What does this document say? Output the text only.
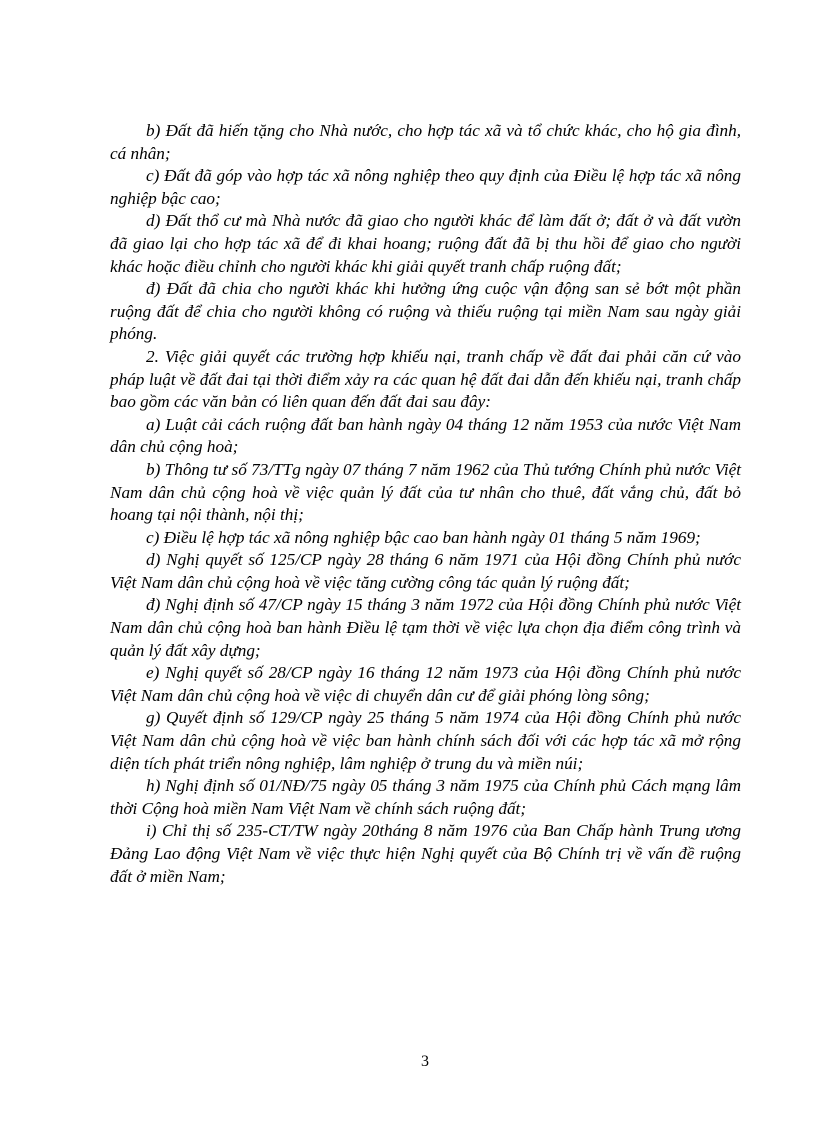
b) Đất đã hiến tặng cho Nhà nước, cho hợp tác xã và tổ chức khác, cho hộ gia đình, cá nhân;

c) Đất đã góp vào hợp tác xã nông nghiệp theo quy định của Điều lệ hợp tác xã nông nghiệp bậc cao;

d) Đất thổ cư mà Nhà nước đã giao cho người khác để làm đất ở; đất ở và đất vườn đã giao lại cho hợp tác xã để đi khai hoang; ruộng đất đã bị thu hồi để giao cho người khác hoặc điều chỉnh cho người khác khi giải quyết tranh chấp ruộng đất;

đ) Đất đã chia cho người khác khi hưởng ứng cuộc vận động san sẻ bớt một phần ruộng đất để chia cho người không có ruộng và thiếu ruộng tại miền Nam sau ngày giải phóng.

2. Việc giải quyết các trường hợp khiếu nại, tranh chấp về đất đai phải căn cứ vào pháp luật về đất đai tại thời điểm xảy ra các quan hệ đất đai dẫn đến khiếu nại, tranh chấp bao gồm các văn bản có liên quan đến đất đai sau đây:

a) Luật cải cách ruộng đất ban hành ngày 04 tháng 12 năm 1953 của nước Việt Nam dân chủ cộng hoà;

b) Thông tư số 73/TTg ngày 07 tháng 7 năm 1962 của Thủ tướng Chính phủ nước Việt Nam dân chủ cộng hoà về việc quản lý đất của tư nhân cho thuê, đất vắng chủ, đất bỏ hoang tại nội thành, nội thị;

c) Điều lệ hợp tác xã nông nghiệp bậc cao ban hành ngày 01 tháng 5 năm 1969;

d) Nghị quyết số 125/CP ngày 28 tháng 6 năm 1971 của Hội đồng Chính phủ nước Việt Nam dân chủ cộng hoà về việc tăng cường công tác quản lý ruộng đất;

đ) Nghị định số 47/CP ngày 15 tháng 3 năm 1972 của Hội đồng Chính phủ nước Việt Nam dân chủ cộng hoà ban hành Điều lệ tạm thời về việc lựa chọn địa điểm công trình và quản lý đất xây dựng;

e) Nghị quyết số 28/CP ngày 16 tháng 12 năm 1973 của Hội đồng Chính phủ nước Việt Nam dân chủ cộng hoà về việc di chuyển dân cư để giải phóng lòng sông;

g) Quyết định số 129/CP ngày 25 tháng 5 năm 1974 của Hội đồng Chính phủ nước Việt Nam dân chủ cộng hoà về việc ban hành chính sách đối với các hợp tác xã mở rộng diện tích phát triển nông nghiệp, lâm nghiệp ở trung du và miền núi;

h) Nghị định số 01/NĐ/75 ngày 05 tháng 3 năm 1975 của Chính phủ Cách mạng lâm thời Cộng hoà miền Nam Việt Nam về chính sách ruộng đất;

i) Chỉ thị số 235-CT/TW ngày 20tháng 8 năm 1976 của Ban Chấp hành Trung ương Đảng Lao động Việt Nam về việc thực hiện Nghị quyết của Bộ Chính trị về vấn đề ruộng đất ở miền Nam;

3
